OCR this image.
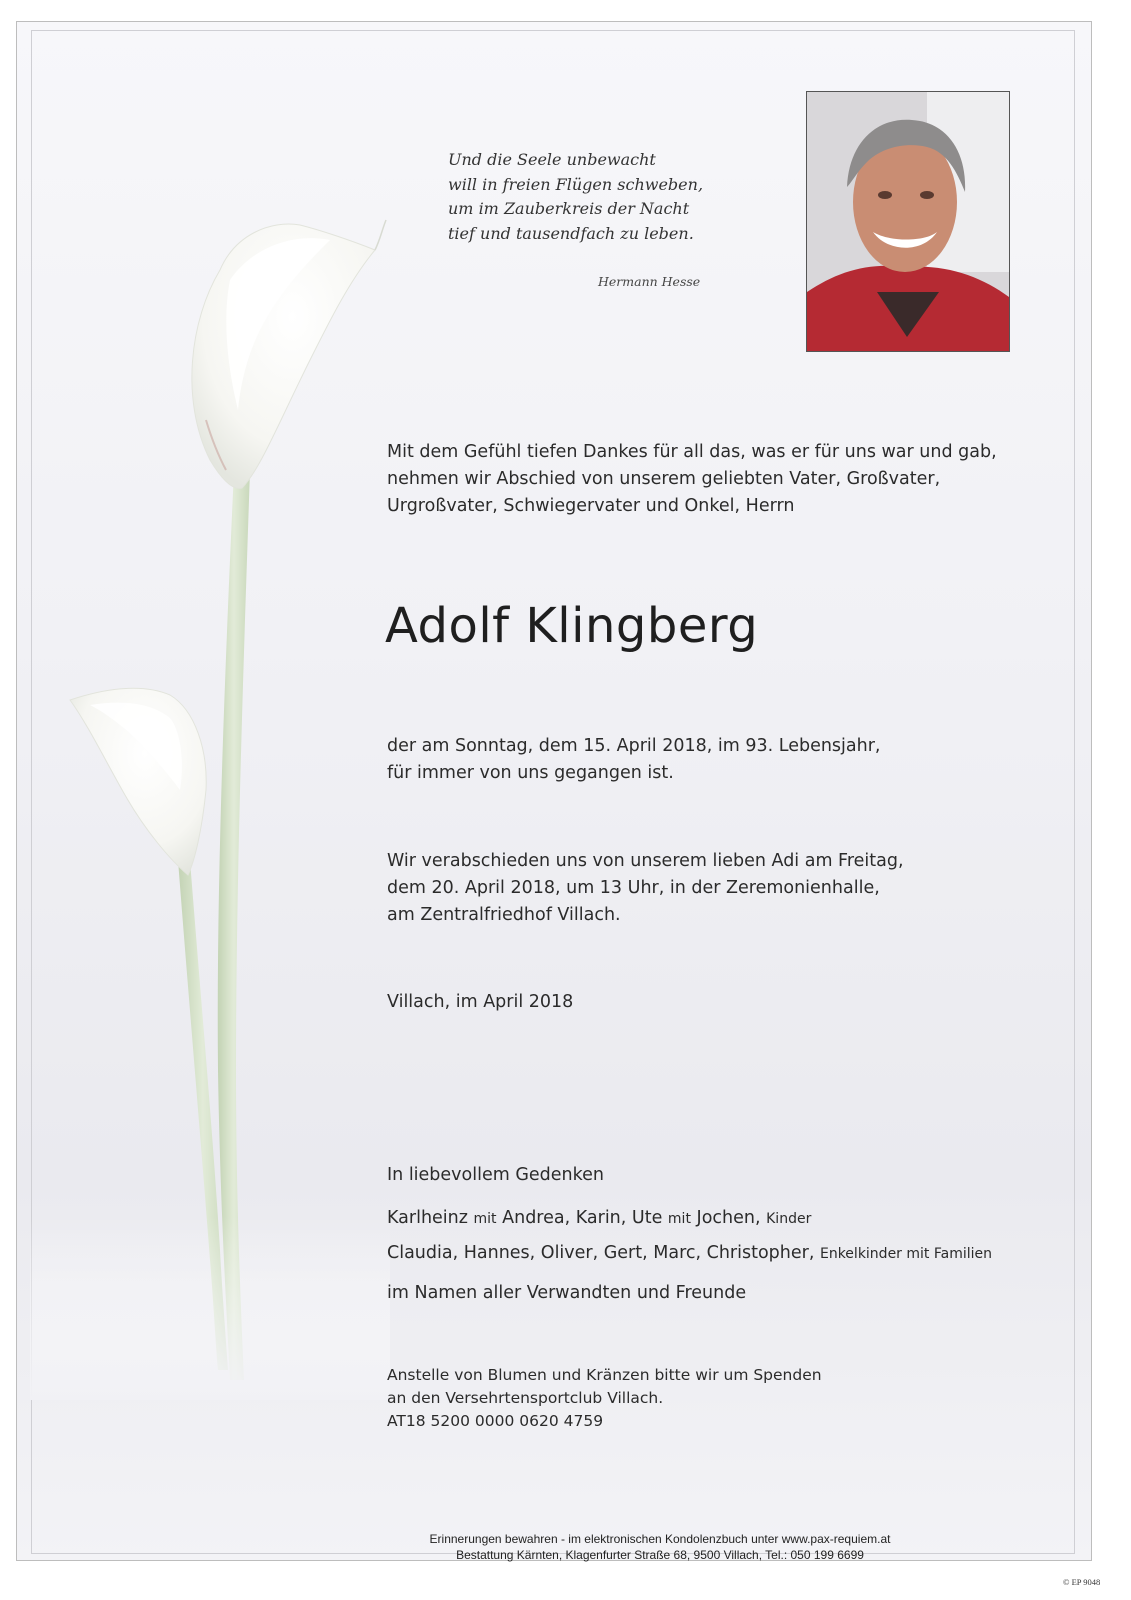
Und die Seele unbewacht
will in freien Flügen schweben,
um im Zauberkreis der Nacht
tief und tausendfach zu leben.
Hermann Hesse
Mit dem Gefühl tiefen Dankes für all das, was er für uns war und gab,
nehmen wir Abschied von unserem geliebten Vater, Großvater,
Urgroßvater, Schwiegervater und Onkel, Herrn
Adolf Klingberg
der am Sonntag, dem 15. April 2018, im 93. Lebensjahr,
für immer von uns gegangen ist.
Wir verabschieden uns von unserem lieben Adi am Freitag,
dem 20. April 2018, um 13 Uhr, in der Zeremonienhalle,
am Zentralfriedhof Villach.
Villach, im April 2018
In liebevollem Gedenken
Karlheinz mit Andrea, Karin, Ute mit Jochen, Kinder
Claudia, Hannes, Oliver, Gert, Marc, Christopher, Enkelkinder mit Familien
im Namen aller Verwandten und Freunde
Anstelle von Blumen und Kränzen bitte wir um Spenden
an den Versehrtensportclub Villach.
AT18 5200 0000 0620 4759
Erinnerungen bewahren - im elektronischen Kondolenzbuch unter www.pax-requiem.at
Bestattung Kärnten, Klagenfurter Straße 68, 9500 Villach, Tel.: 050 199 6699
© EP 9048
